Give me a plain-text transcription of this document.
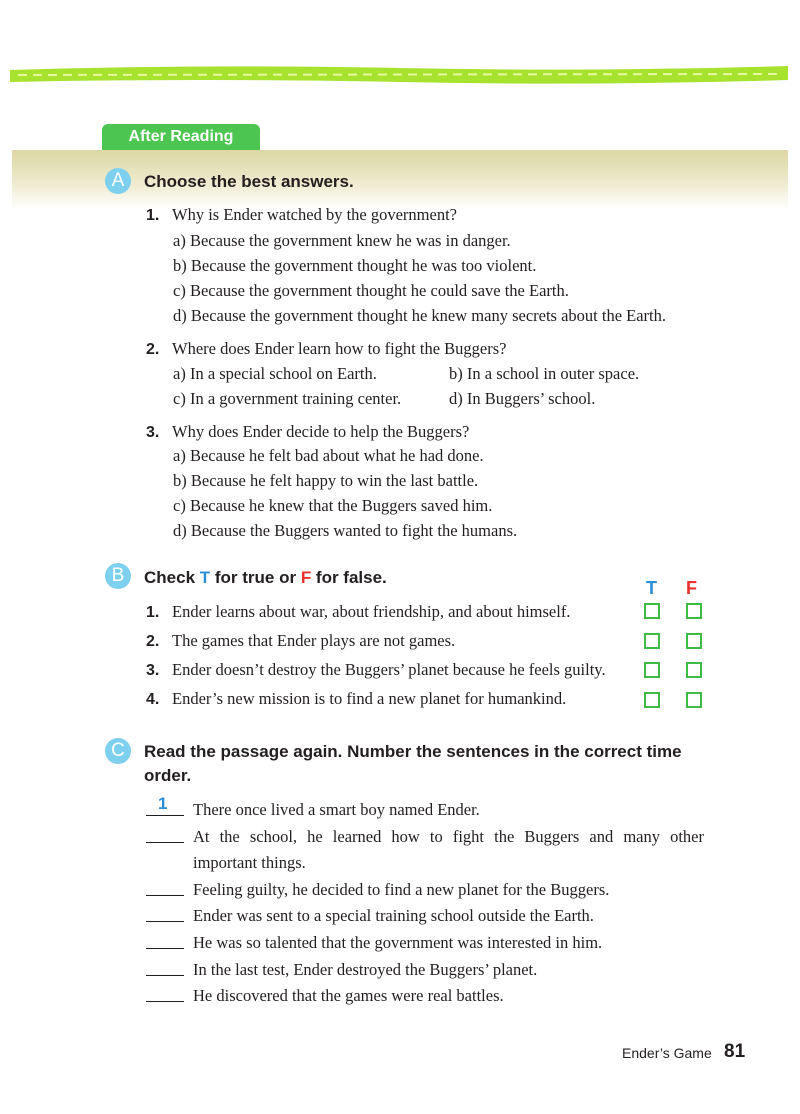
After Reading
A	Choose the best answers.
1. Why is Ender watched by the government?
a) Because the government knew he was in danger.
b) Because the government thought he was too violent.
c) Because the government thought he could save the Earth.
d) Because the government thought he knew many secrets about the Earth.
2. Where does Ender learn how to fight the Buggers?
a) In a special school on Earth.	b) In a school in outer space.
c) In a government training center.	d) In Buggers’ school.
3. Why does Ender decide to help the Buggers?
a) Because he felt bad about what he had done.
b) Because he felt happy to win the last battle.
c) Because he knew that the Buggers saved him.
d) Because the Buggers wanted to fight the humans.
B	Check T for true or F for false.
T F
1. Ender learns about war, about friendship, and about himself.
2. The games that Ender plays are not games.
3. Ender doesn’t destroy the Buggers’ planet because he feels guilty.
4. Ender’s new mission is to find a new planet for humankind.
C	Read the passage again. Number the sentences in the correct time
order.
1 There once lived a smart boy named Ender.
At the school, he learned how to fight the Buggers and many other
important things.
Feeling guilty, he decided to find a new planet for the Buggers.
Ender was sent to a special training school outside the Earth.
He was so talented that the government was interested in him.
In the last test, Ender destroyed the Buggers’ planet.
He discovered that the games were real battles.
Ender’s Game 81
